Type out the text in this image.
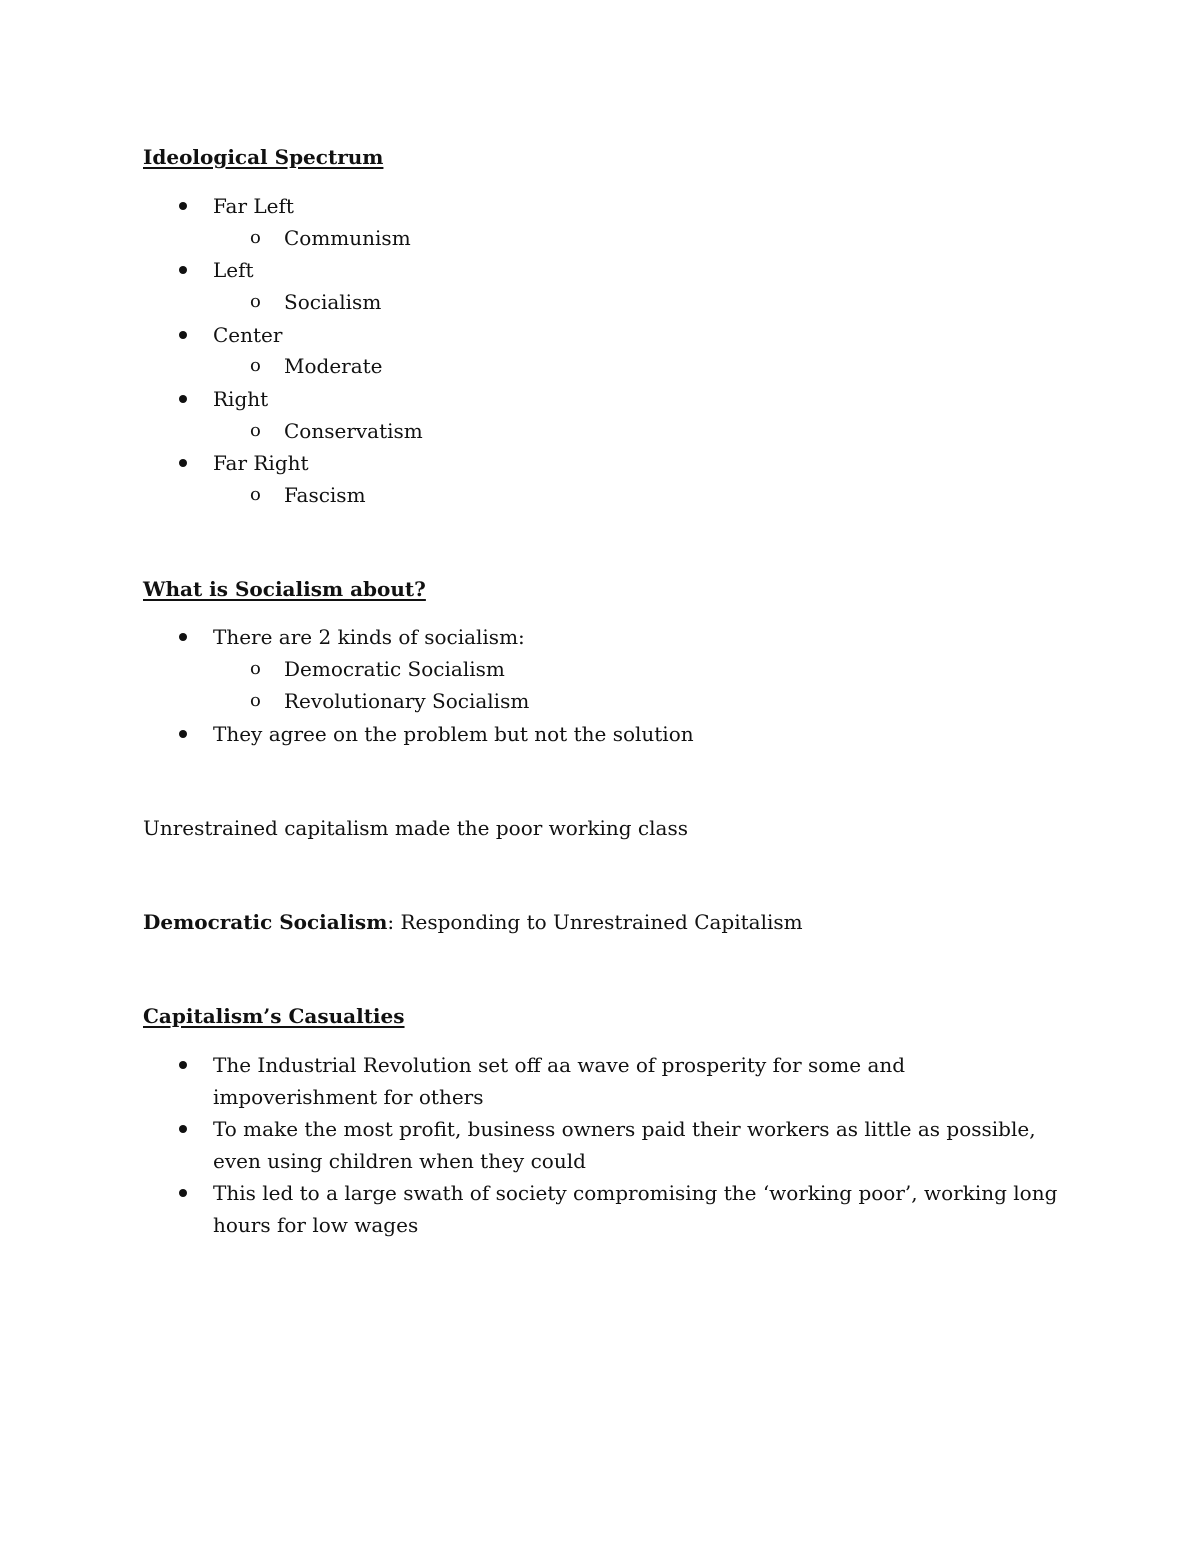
Ideological Spectrum
Far Left
o Communism
Left
o Socialism
Center
o Moderate
Right
o Conservatism
Far Right
o Fascism
What is Socialism about?
There are 2 kinds of socialism:
o Democratic Socialism
o Revolutionary Socialism
They agree on the problem but not the solution
Unrestrained capitalism made the poor working class
Democratic Socialism: Responding to Unrestrained Capitalism
Capitalism’s Casualties
The Industrial Revolution set off aa wave of prosperity for some and impoverishment for others
To make the most profit, business owners paid their workers as little as possible, even using children when they could
This led to a large swath of society compromising the ‘working poor’, working long hours for low wages
